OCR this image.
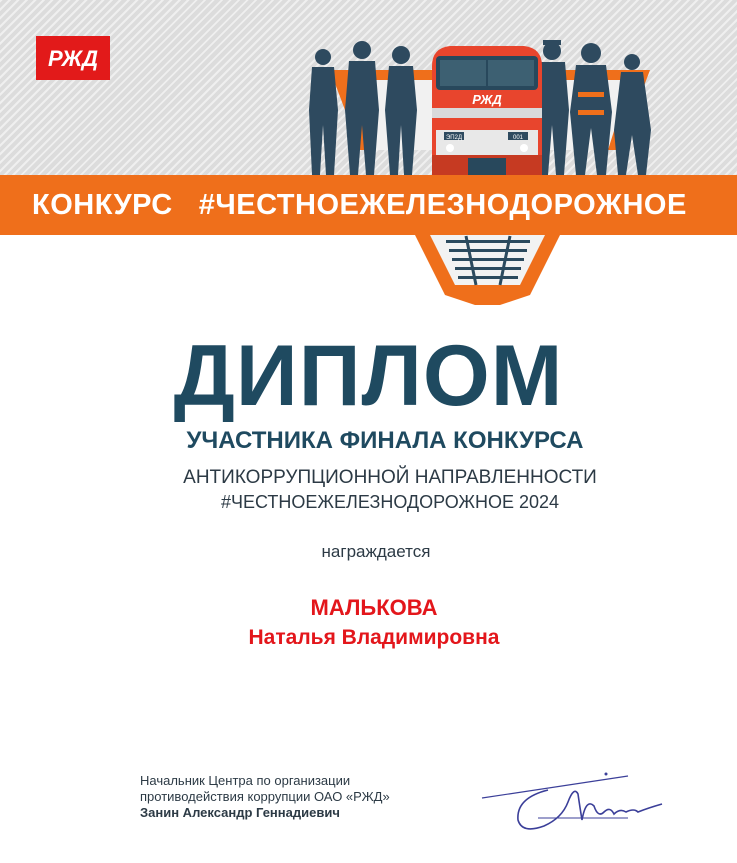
РЖД
РЖД
ЭП2Д	001
КОНКУРС #ЧЕСТНОЕЖЕЛЕЗНОДОРОЖНОЕ
ДИПЛОМ
УЧАСТНИКА ФИНАЛА КОНКУРСА
АНТИКОРРУПЦИОННОЙ НАПРАВЛЕННОСТИ
#ЧЕСТНОЕЖЕЛЕЗНОДОРОЖНОЕ 2024
награждается
МАЛЬКОВА
Наталья Владимировна
Начальник Центра по организации
противодействия коррупции ОАО «РЖД»
Занин Александр Геннадиевич
